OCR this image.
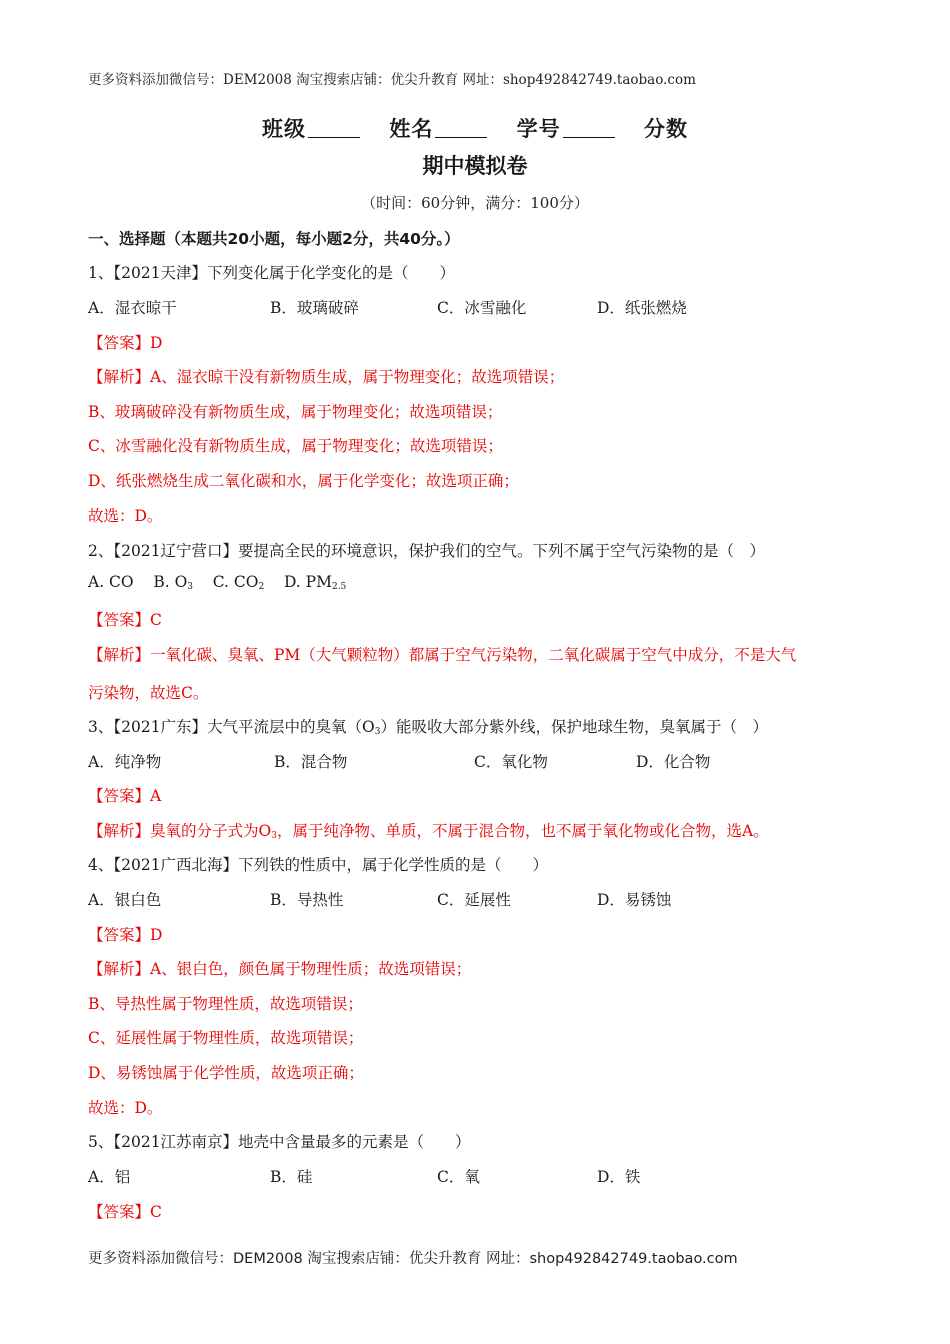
更多资料添加微信号：DEM2008 淘宝搜索店铺：优尖升教育 网址：shop492842749.taobao.com
班级	姓名	学号	分数
期中模拟卷
（时间：60分钟，满分：100分）
一、选择题（本题共20小题，每小题2分，共40分。）
1、【2021天津】下列变化属于化学变化的是（　　）
A．湿衣晾干	B．玻璃破碎	C．冰雪融化	D．纸张燃烧
【答案】D
【解析】A、湿衣晾干没有新物质生成，属于物理变化；故选项错误；
B、玻璃破碎没有新物质生成，属于物理变化；故选项错误；
C、冰雪融化没有新物质生成，属于物理变化；故选项错误；
D、纸张燃烧生成二氧化碳和水，属于化学变化；故选项正确；
故选：D。
2、【2021辽宁营口】要提高全民的环境意识，保护我们的空气。下列不属于空气污染物的是（　）
A. CO B. $O_3$ C. $CO_2$ D. $PM_{2.5}$
【答案】C
【解析】一氧化碳、臭氧、PM（大气颗粒物）都属于空气污染物，二氧化碳属于空气中成分，不是大气
污染物，故选C。
3、【2021广东】大气平流层中的臭氧$(O_3)$能吸收大部分紫外线，保护地球生物，臭氧属于（　）
A．纯净物	B．混合物	C．氧化物	D．化合物
【答案】A
【解析】臭氧的分子式为$O_3$，属于纯净物、单质，不属于混合物，也不属于氧化物或化合物，选A。
4、【2021广西北海】下列铁的性质中，属于化学性质的是（　　）
A．银白色	B．导热性	C．延展性	D．易锈蚀
【答案】D
【解析】A、银白色，颜色属于物理性质；故选项错误；
B、导热性属于物理性质，故选项错误；
C、延展性属于物理性质，故选项错误；
D、易锈蚀属于化学性质，故选项正确；
故选：D。
5、【2021江苏南京】地壳中含量最多的元素是（　　）
A．铝	B．硅	C．氧	D．铁
【答案】C
更多资料添加微信号：DEM2008 淘宝搜索店铺：优尖升教育 网址：shop492842749.taobao.com
